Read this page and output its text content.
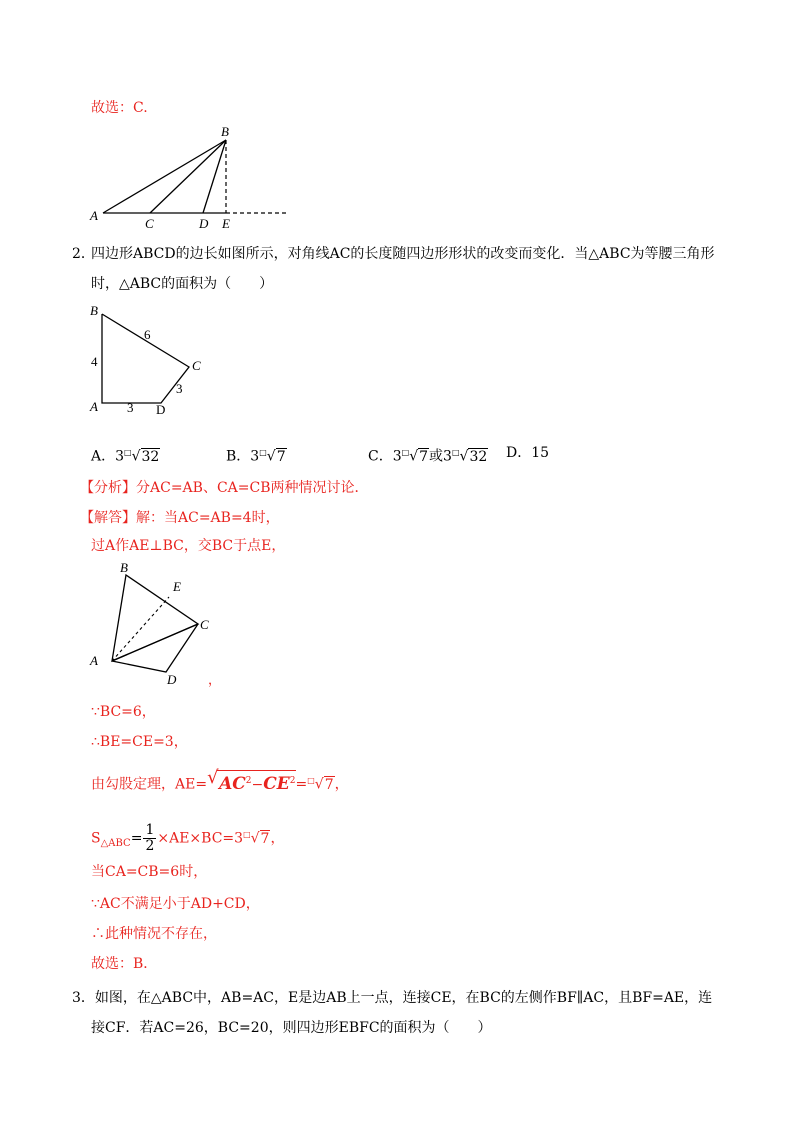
故选：C.
B
A
C	D E
2．
四边形ABCD的边长如图所示，对角线AC的长度随四边形形状的改变而变化．当△ABC为等腰三角形
时，△ABC的面积为（　　）
B
C
A	D
4
6
3
3
A．3□√32	B．3□√7	C．3□√7或3□√32 D．15
【分析】分AC=AB、CA=CB两种情况讨论．
【解答】解：当AC=AB=4时，
过A作AE⊥BC，交BC于点E，
B
E
C
A
D ，
∵BC=6，
∴BE=CE=3，
由勾股定理，AE= √ $AC^2-CE^2=^□√7$，
$S_{\triangle ABC}= \frac{1}{2} \times AE\times BC=3^□√7$，
当CA=CB=6时，
∵AC不满足小于AD+CD，
∴此种情况不存在，
故选：B．
3．如图，在△ABC中，AB=AC，E是边AB上一点，连接CE，在BC的左侧作BF∥AC，且BF=AE，连
接CF．若AC=26，BC=20，则四边形EBFC的面积为（　　）
